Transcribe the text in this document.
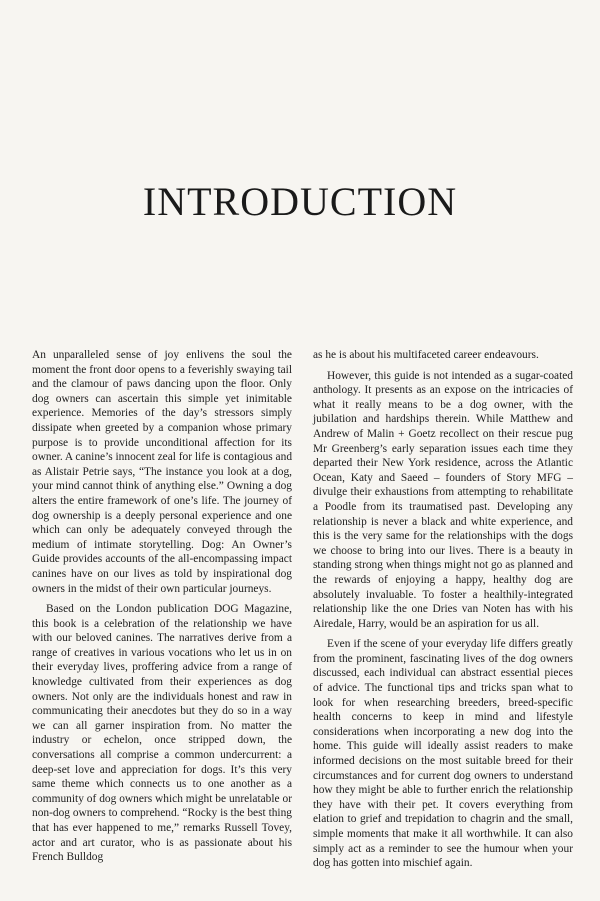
INTRODUCTION

An unparalleled sense of joy enlivens the soul the moment the front door opens to a feverishly swaying tail and the clamour of paws dancing upon the floor. Only dog owners can ascertain this simple yet inimitable experience. Memories of the day’s stressors simply dissipate when greeted by a companion whose primary purpose is to provide unconditional affection for its owner. A canine’s innocent zeal for life is contagious and as Alistair Petrie says, “The instance you look at a dog, your mind cannot think of anything else.” Owning a dog alters the entire framework of one’s life. The journey of dog ownership is a deeply personal experience and one which can only be adequately conveyed through the medium of intimate storytelling. Dog: An Owner’s Guide provides accounts of the all-encompassing impact canines have on our lives as told by inspirational dog owners in the midst of their own particular journeys.

Based on the London publication DOG Magazine, this book is a celebration of the relationship we have with our beloved canines. The narratives derive from a range of creatives in various vocations who let us in on their everyday lives, proffering advice from a range of knowledge cultivated from their experiences as dog owners. Not only are the individuals honest and raw in communicating their anecdotes but they do so in a way we can all garner inspiration from. No matter the industry or echelon, once stripped down, the conversations all comprise a common undercurrent: a deep-set love and appreciation for dogs. It’s this very same theme which connects us to one another as a community of dog owners which might be unrelatable or non-dog owners to comprehend. “Rocky is the best thing that has ever happened to me,” remarks Russell Tovey, actor and art curator, who is as passionate about his French Bulldog

as he is about his multifaceted career endeavours.

However, this guide is not intended as a sugar-coated anthology. It presents as an expose on the intricacies of what it really means to be a dog owner, with the jubilation and hardships therein. While Matthew and Andrew of Malin + Goetz recollect on their rescue pug Mr Greenberg’s early separation issues each time they departed their New York residence, across the Atlantic Ocean, Katy and Saeed – founders of Story MFG – divulge their exhaustions from attempting to rehabilitate a Poodle from its traumatised past. Developing any relationship is never a black and white experience, and this is the very same for the relationships with the dogs we choose to bring into our lives. There is a beauty in standing strong when things might not go as planned and the rewards of enjoying a happy, healthy dog are absolutely invaluable. To foster a healthily-integrated relationship like the one Dries van Noten has with his Airedale, Harry, would be an aspiration for us all.

Even if the scene of your everyday life differs greatly from the prominent, fascinating lives of the dog owners discussed, each individual can abstract essential pieces of advice. The functional tips and tricks span what to look for when researching breeders, breed-specific health concerns to keep in mind and lifestyle considerations when incorporating a new dog into the home. This guide will ideally assist readers to make informed decisions on the most suitable breed for their circumstances and for current dog owners to understand how they might be able to further enrich the relationship they have with their pet. It covers everything from elation to grief and trepidation to chagrin and the small, simple moments that make it all worthwhile. It can also simply act as a reminder to see the humour when your dog has gotten into mischief again.
